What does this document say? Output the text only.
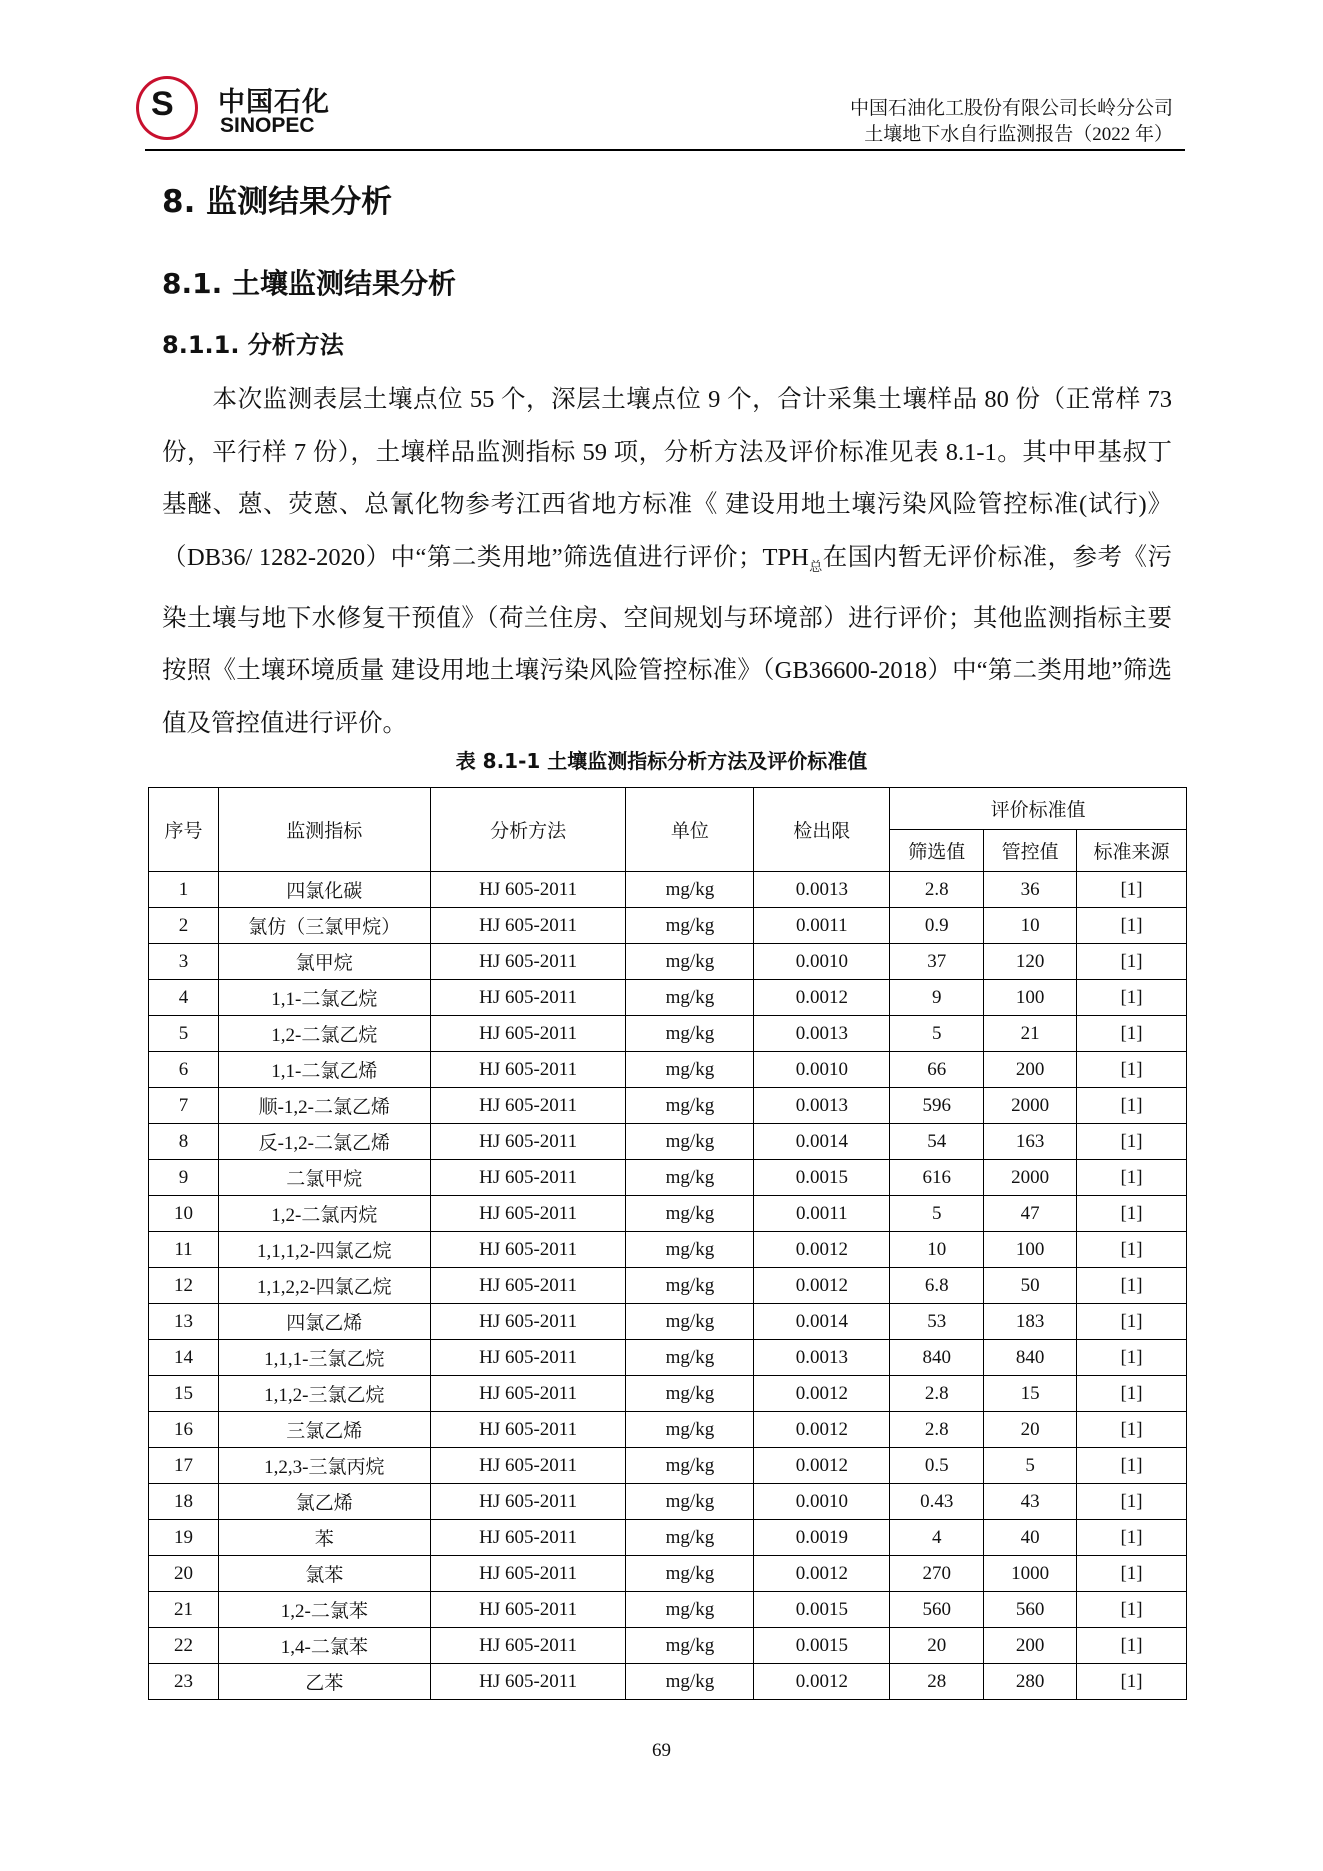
S 中国石化
SINOPEC
中国石油化工股份有限公司长岭分公司
土壤地下水自行监测报告（2022 年）
8. 监测结果分析
8.1. 土壤监测结果分析
8.1.1. 分析方法
本次监测表层土壤点位 55 个，深层土壤点位 9 个，合计采集土壤样品 80 份（正常样 73 份，平行样 7 份），土壤样品监测指标 59 项，分析方法及评价标准见表 8.1-1。其中甲基叔丁基醚、蒽、荧蒽、总氰化物参考江西省地方标准《 建设用地土壤污染风险管控标准(试行)》（DB36/ 1282-2020）中“第二类用地”筛选值进行评价；$TPH_总$在国内暂无评价标准，参考《污染土壤与地下水修复干预值》（荷兰住房、空间规划与环境部）进行评价；其他监测指标主要按照《土壤环境质量 建设用地土壤污染风险管控标准》（GB36600-2018）中“第二类用地”筛选值及管控值进行评价。
表 8.1-1 土壤监测指标分析方法及评价标准值
序号	监测指标	分析方法	单位	检出限	评价标准值		
					筛选值	管控值	标准来源
1	四氯化碳	HJ 605-2011	mg/kg	0.0013	2.8	36	[1]
2	氯仿（三氯甲烷）	HJ 605-2011	mg/kg	0.0011	0.9	10	[1]
3	氯甲烷	HJ 605-2011	mg/kg	0.0010	37	120	[1]
4	1,1-二氯乙烷	HJ 605-2011	mg/kg	0.0012	9	100	[1]
5	1,2-二氯乙烷	HJ 605-2011	mg/kg	0.0013	5	21	[1]
6	1,1-二氯乙烯	HJ 605-2011	mg/kg	0.0010	66	200	[1]
7	顺-1,2-二氯乙烯	HJ 605-2011	mg/kg	0.0013	596	2000	[1]
8	反-1,2-二氯乙烯	HJ 605-2011	mg/kg	0.0014	54	163	[1]
9	二氯甲烷	HJ 605-2011	mg/kg	0.0015	616	2000	[1]
10	1,2-二氯丙烷	HJ 605-2011	mg/kg	0.0011	5	47	[1]
11	1,1,1,2-四氯乙烷	HJ 605-2011	mg/kg	0.0012	10	100	[1]
12	1,1,2,2-四氯乙烷	HJ 605-2011	mg/kg	0.0012	6.8	50	[1]
13	四氯乙烯	HJ 605-2011	mg/kg	0.0014	53	183	[1]
14	1,1,1-三氯乙烷	HJ 605-2011	mg/kg	0.0013	840	840	[1]
15	1,1,2-三氯乙烷	HJ 605-2011	mg/kg	0.0012	2.8	15	[1]
16	三氯乙烯	HJ 605-2011	mg/kg	0.0012	2.8	20	[1]
17	1,2,3-三氯丙烷	HJ 605-2011	mg/kg	0.0012	0.5	5	[1]
18	氯乙烯	HJ 605-2011	mg/kg	0.0010	0.43	43	[1]
19	苯	HJ 605-2011	mg/kg	0.0019	4	40	[1]
20	氯苯	HJ 605-2011	mg/kg	0.0012	270	1000	[1]
21	1,2-二氯苯	HJ 605-2011	mg/kg	0.0015	560	560	[1]
22	1,4-二氯苯	HJ 605-2011	mg/kg	0.0015	20	200	[1]
23	乙苯	HJ 605-2011	mg/kg	0.0012	28	280	[1]
69
